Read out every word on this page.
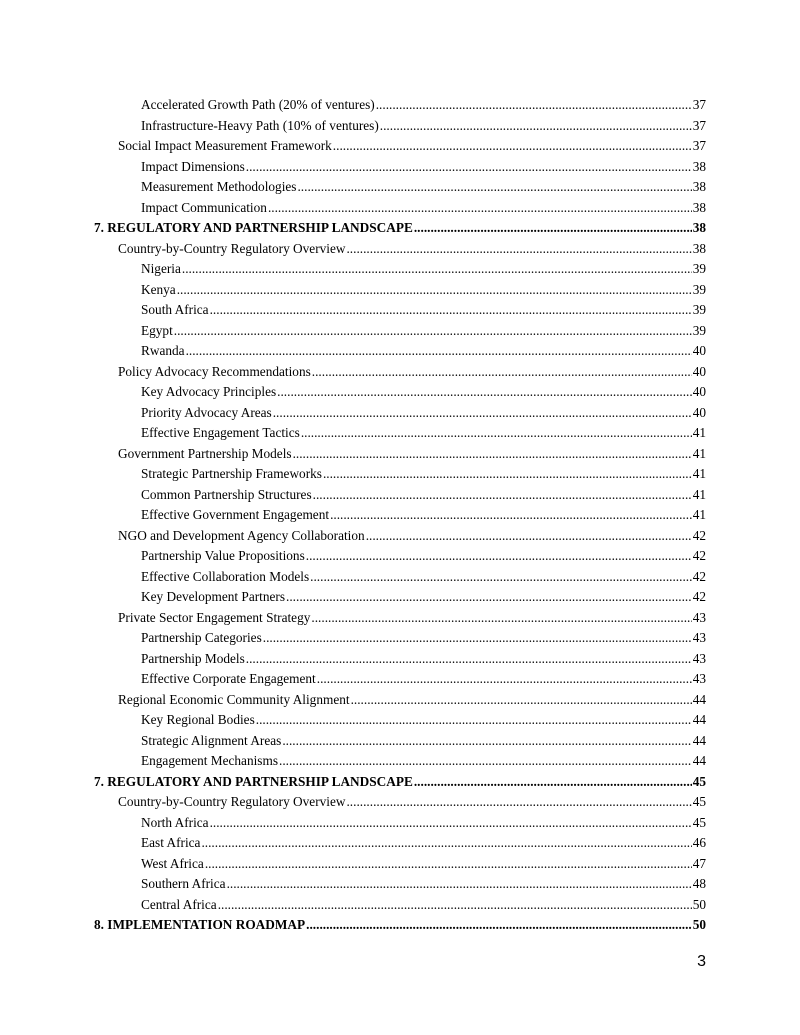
Accelerated Growth Path (20% of ventures) .....	37
Infrastructure-Heavy Path (10% of ventures) .....	37
Social Impact Measurement Framework .....	37
Impact Dimensions .....	38
Measurement Methodologies .....	38
Impact Communication .....	38
7. REGULATORY AND PARTNERSHIP LANDSCAPE .....	38
Country-by-Country Regulatory Overview .....	38
Nigeria .....	39
Kenya .....	39
South Africa .....	39
Egypt .....	39
Rwanda .....	40
Policy Advocacy Recommendations .....	40
Key Advocacy Principles .....	40
Priority Advocacy Areas .....	40
Effective Engagement Tactics .....	41
Government Partnership Models .....	41
Strategic Partnership Frameworks .....	41
Common Partnership Structures .....	41
Effective Government Engagement .....	41
NGO and Development Agency Collaboration .....	42
Partnership Value Propositions .....	42
Effective Collaboration Models .....	42
Key Development Partners .....	42
Private Sector Engagement Strategy .....	43
Partnership Categories .....	43
Partnership Models .....	43
Effective Corporate Engagement .....	43
Regional Economic Community Alignment .....	44
Key Regional Bodies .....	44
Strategic Alignment Areas .....	44
Engagement Mechanisms .....	44
7. REGULATORY AND PARTNERSHIP LANDSCAPE .....	45
Country-by-Country Regulatory Overview .....	45
North Africa .....	45
East Africa .....	46
West Africa .....	47
Southern Africa .....	48
Central Africa .....	50
8. IMPLEMENTATION ROADMAP .....	50
3
